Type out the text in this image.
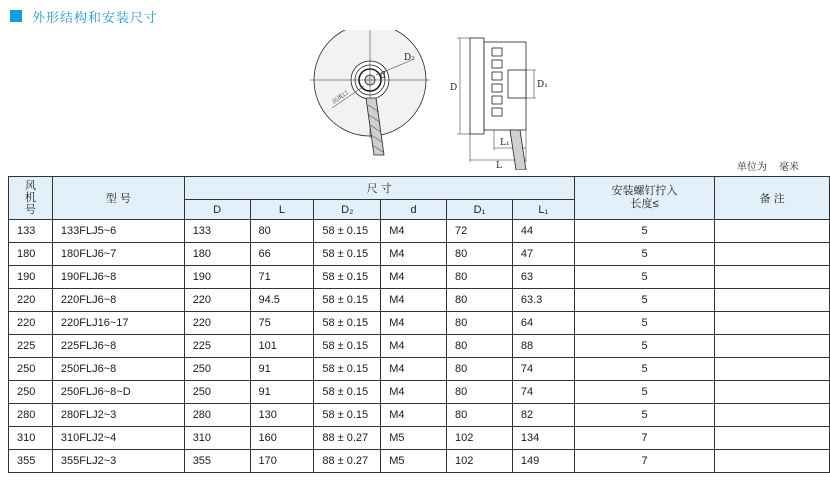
外形结构和安装尺寸
D₂
d
D	D₁
L₁
L
出风口
单位为 毫米
风机号	型 号	尺 寸						安装螺钉拧入长度≤	备 注
		D	L	D₂	d	D₁	L₁		
133	133FLJ5~6	133	80	58 ± 0.15	M4	72	44	5	
180	180FLJ6~7	180	66	58 ± 0.15	M4	80	47	5	
190	190FLJ6~8	190	71	58 ± 0.15	M4	80	63	5	
220	220FLJ6~8	220	94.5	58 ± 0.15	M4	80	63.3	5	
220	220FLJ16~17	220	75	58 ± 0.15	M4	80	64	5	
225	225FLJ6~8	225	101	58 ± 0.15	M4	80	88	5	
250	250FLJ6~8	250	91	58 ± 0.15	M4	80	74	5	
250	250FLJ6~8~D	250	91	58 ± 0.15	M4	80	74	5	
280	280FLJ2~3	280	130	58 ± 0.15	M4	80	82	5	
310	310FLJ2~4	310	160	88 ± 0.27	M5	102	134	7	
355	355FLJ2~3	355	170	88 ± 0.27	M5	102	149	7	
